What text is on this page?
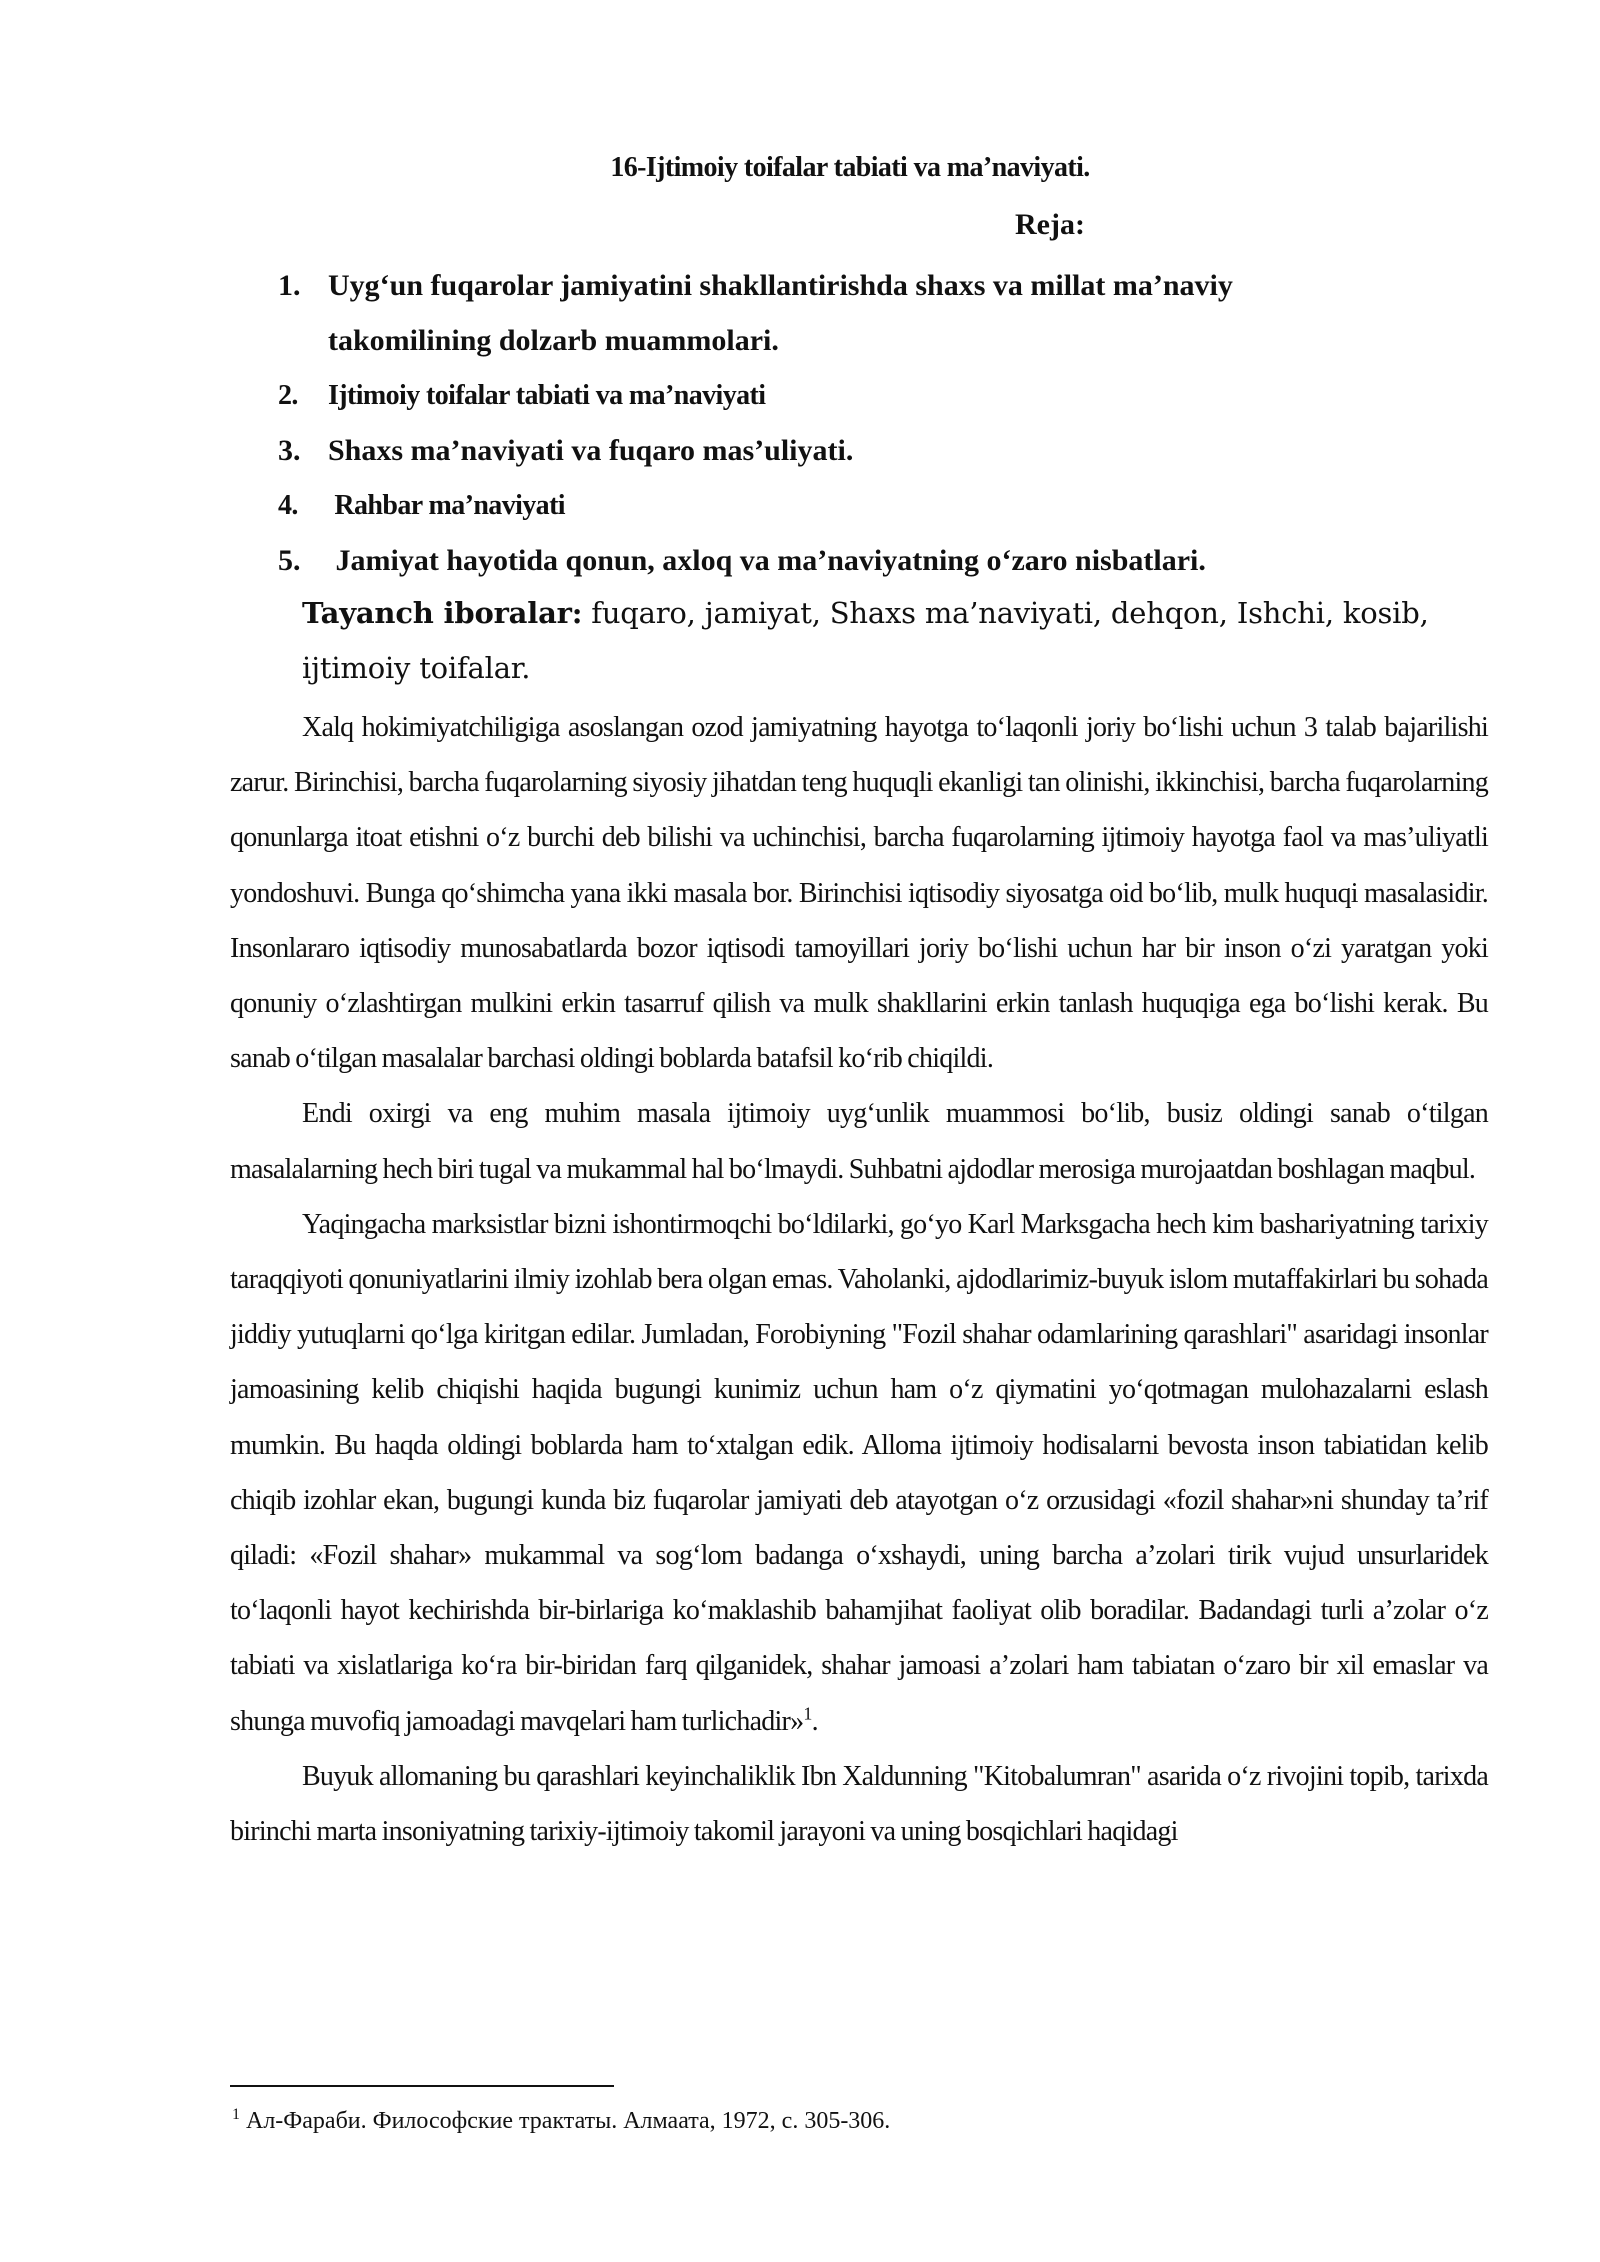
16-Ijtimoiy toifalar tabiati va ma’naviyati.
Reja:
1. Uyg‘un fuqarolar jamiyatini shakllantirishda shaxs va millat ma’naviy takomilining dolzarb muammolari.
2.	Ijtimoiy toifalar tabiati va ma’naviyati
3. Shaxs ma’naviyati va fuqaro mas’uliyati.
4.	Rahbar ma’naviyati
5. Jamiyat hayotida qonun, axloq va ma’naviyatning o‘zaro nisbatlari.
Tayanch iboralar: fuqaro, jamiyat, Shaxs ma’naviyati, dehqon, Ishchi, kosib, ijtimoiy toifalar.

Xalq hokimiyatchiligiga asoslangan ozod jamiyatning hayotga to‘laqonli joriy bo‘lishi uchun 3 talab bajarilishi zarur. Birinchisi, barcha fuqarolarning siyosiy jihatdan teng huquqli ekanligi tan olinishi, ikkinchisi, barcha fuqarolarning qonunlarga itoat etishni o‘z burchi deb bilishi va uchinchisi, barcha fuqarolarning ijtimoiy hayotga faol va mas’uliyatli yondoshuvi. Bunga qo‘shimcha yana ikki masala bor. Birinchisi iqtisodiy siyosatga oid bo‘lib, mulk huquqi masalasidir. Insonlararo iqtisodiy munosabatlarda bozor iqtisodi tamoyillari joriy bo‘lishi uchun har bir inson o‘zi yaratgan yoki qonuniy o‘zlashtirgan mulkini erkin tasarruf qilish va mulk shakllarini erkin tanlash huquqiga ega bo‘lishi kerak. Bu sanab o‘tilgan masalalar barchasi oldingi boblarda batafsil ko‘rib chiqildi.

Endi oxirgi va eng muhim masala ijtimoiy uyg‘unlik muammosi bo‘lib, busiz oldingi sanab o‘tilgan masalalarning hech biri tugal va mukammal hal bo‘lmaydi. Suhbatni ajdodlar merosiga murojaatdan boshlagan maqbul.

Yaqingacha marksistlar bizni ishontirmoqchi bo‘ldilarki, go‘yo Karl Marksgacha hech kim bashariyatning tarixiy taraqqiyoti qonuniyatlarini ilmiy izohlab bera olgan emas. Vaholanki, ajdodlarimiz-buyuk islom mutaffakirlari bu sohada jiddiy yutuqlarni qo‘lga kiritgan edilar. Jumladan, Forobiyning "Fozil shahar odamlarining qarashlari" asaridagi insonlar jamoasining kelib chiqishi haqida bugungi kunimiz uchun ham o‘z qiymatini yo‘qotmagan mulohazalarni eslash mumkin. Bu haqda oldingi boblarda ham to‘xtalgan edik. Alloma ijtimoiy hodisalarni bevosta inson tabiatidan kelib chiqib izohlar ekan, bugungi kunda biz fuqarolar jamiyati deb atayotgan o‘z orzusidagi «fozil shahar»ni shunday ta’rif qiladi: «Fozil shahar» mukammal va sog‘lom badanga o‘xshaydi, uning barcha a’zolari tirik vujud unsurlaridek to‘laqonli hayot kechirishda bir-birlariga ko‘maklashib bahamjihat faoliyat olib boradilar. Badandagi turli a’zolar o‘z tabiati va xislatlariga ko‘ra bir-biridan farq qilganidek, shahar jamoasi a’zolari ham tabiatan o‘zaro bir xil emaslar va shunga muvofiq jamoadagi mavqelari ham turlichadir»$^1$.

Buyuk allomaning bu qarashlari keyinchaliklik Ibn Xaldunning "Kitobalumran" asarida o‘z rivojini topib, tarixda birinchi marta insoniyatning tarixiy-ijtimoiy takomil jarayoni va uning bosqichlari haqidagi

$^1$ Ал-Фараби. Философские трактаты. Алмаата, 1972, с. 305-306.
